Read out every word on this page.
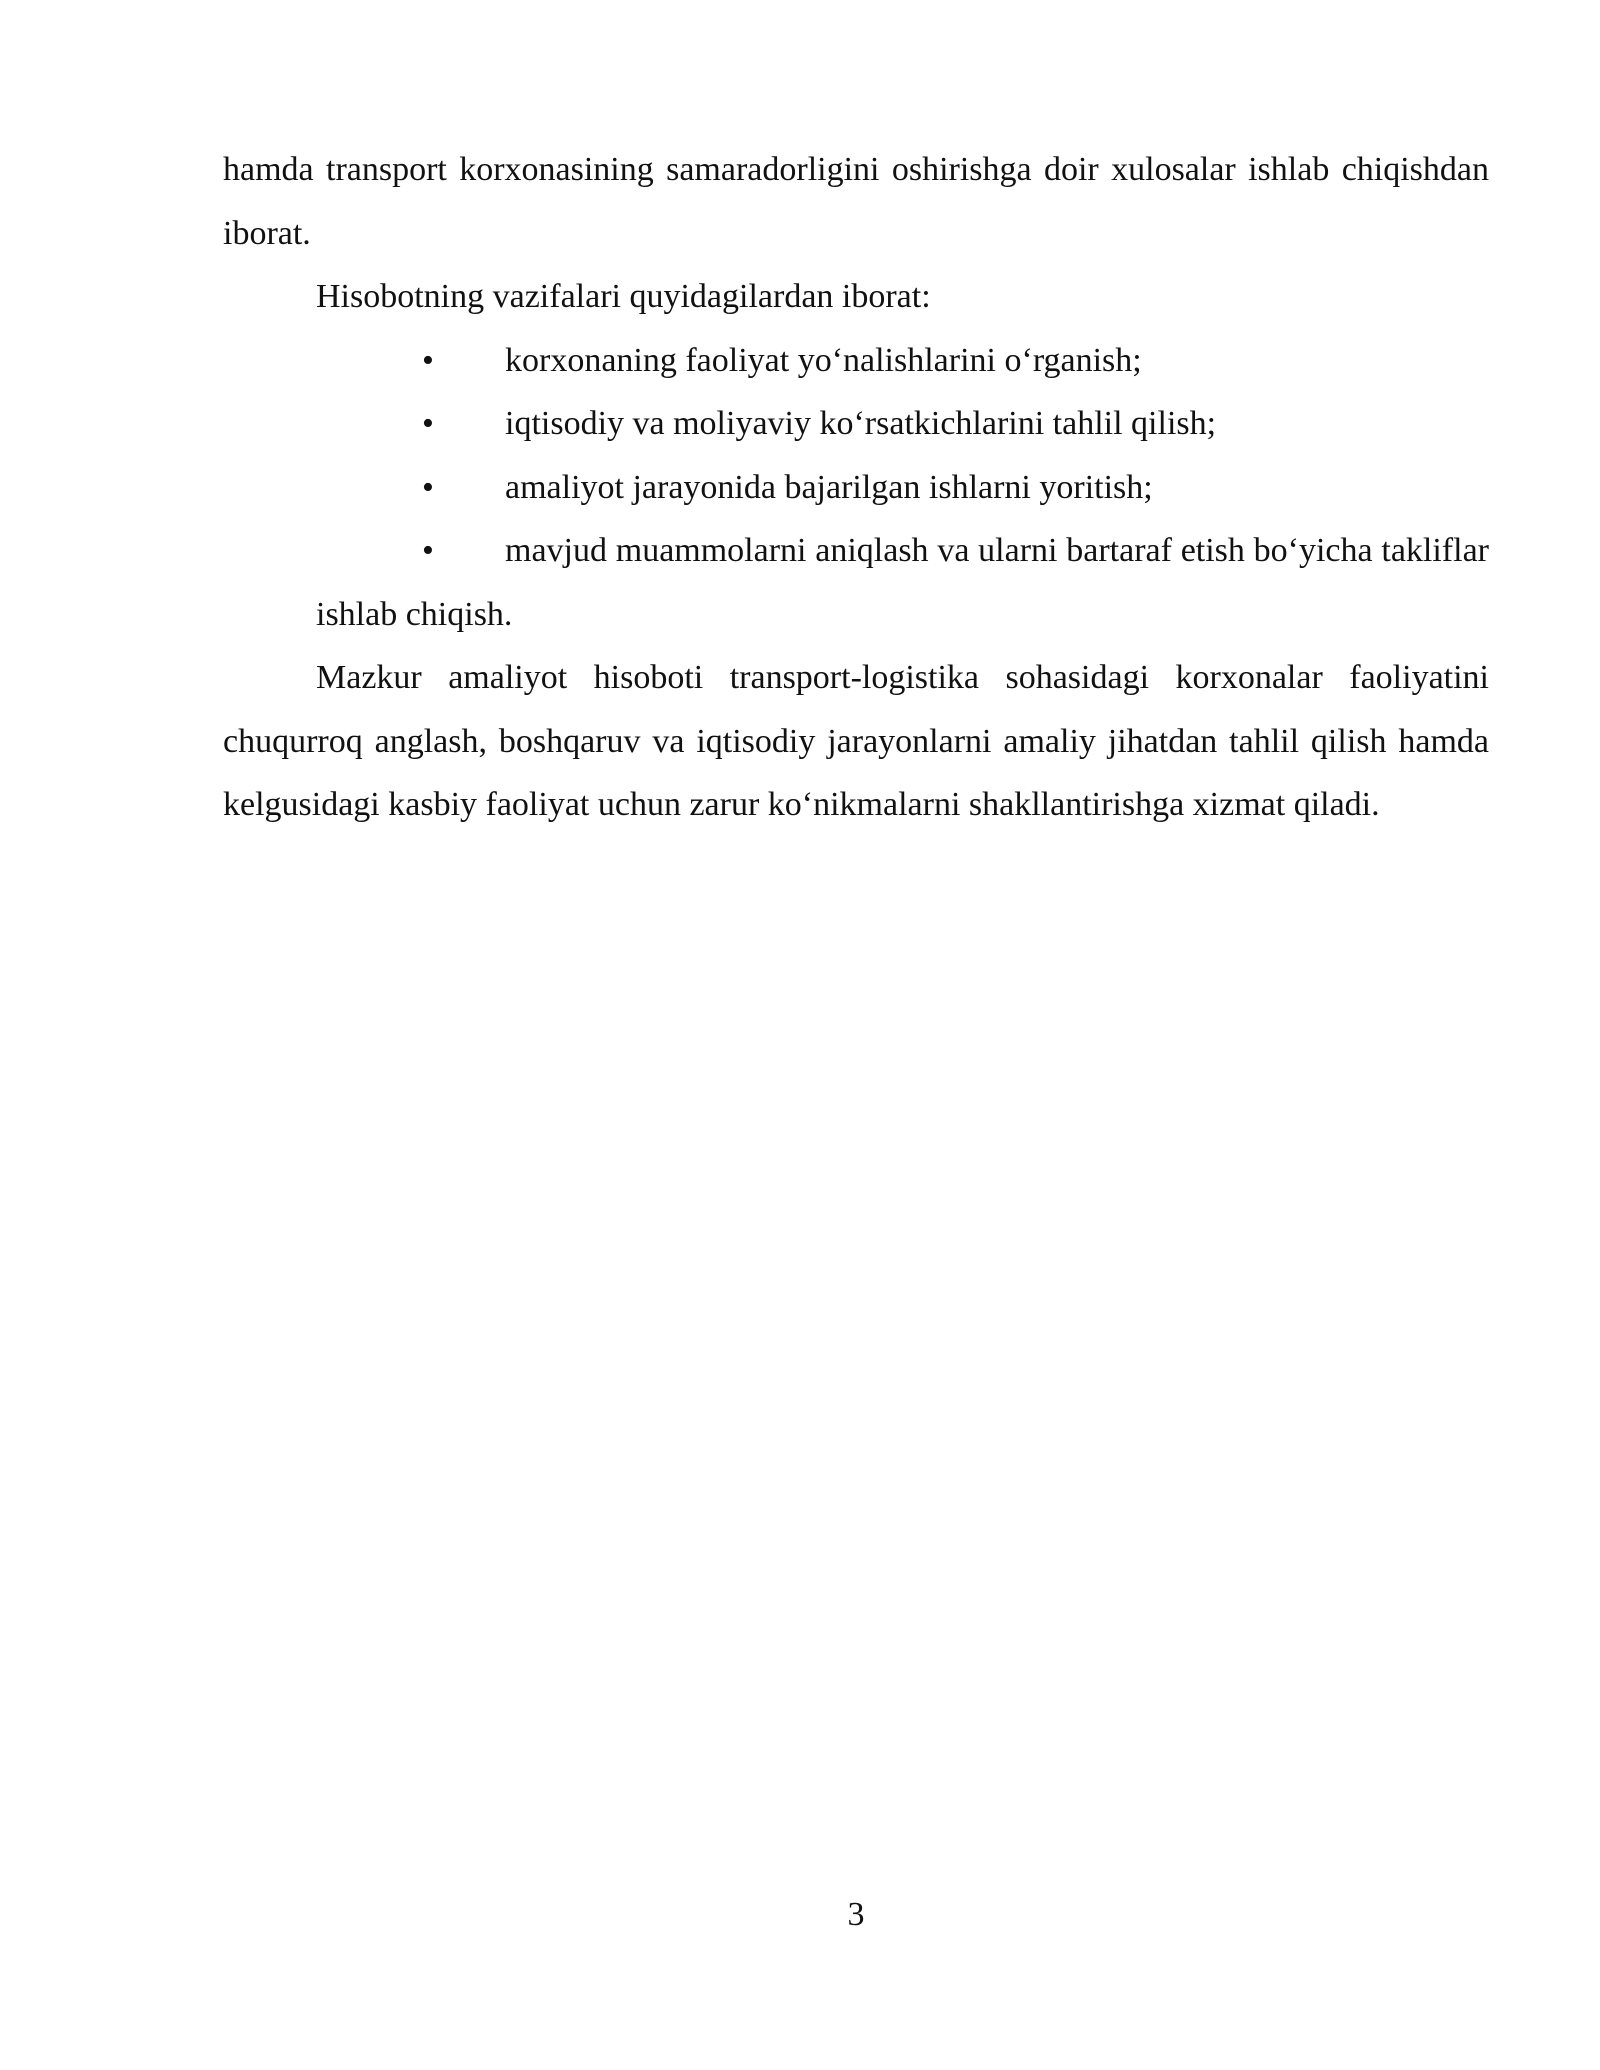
hamda transport korxonasining samaradorligini oshirishga doir xulosalar ishlab chiqishdan iborat.

Hisobotning vazifalari quyidagilardan iborat:

•	korxonaning faoliyat yo‘nalishlarini o‘rganish;

•	iqtisodiy va moliyaviy ko‘rsatkichlarini tahlil qilish;

•	amaliyot jarayonida bajarilgan ishlarni yoritish;

•	mavjud muammolarni aniqlash va ularni bartaraf etish bo‘yicha takliflar ishlab chiqish.

Mazkur amaliyot hisoboti transport-logistika sohasidagi korxonalar faoliyatini chuqurroq anglash, boshqaruv va iqtisodiy jarayonlarni amaliy jihatdan tahlil qilish hamda kelgusidagi kasbiy faoliyat uchun zarur ko‘nikmalarni shakllantirishga xizmat qiladi.

3
